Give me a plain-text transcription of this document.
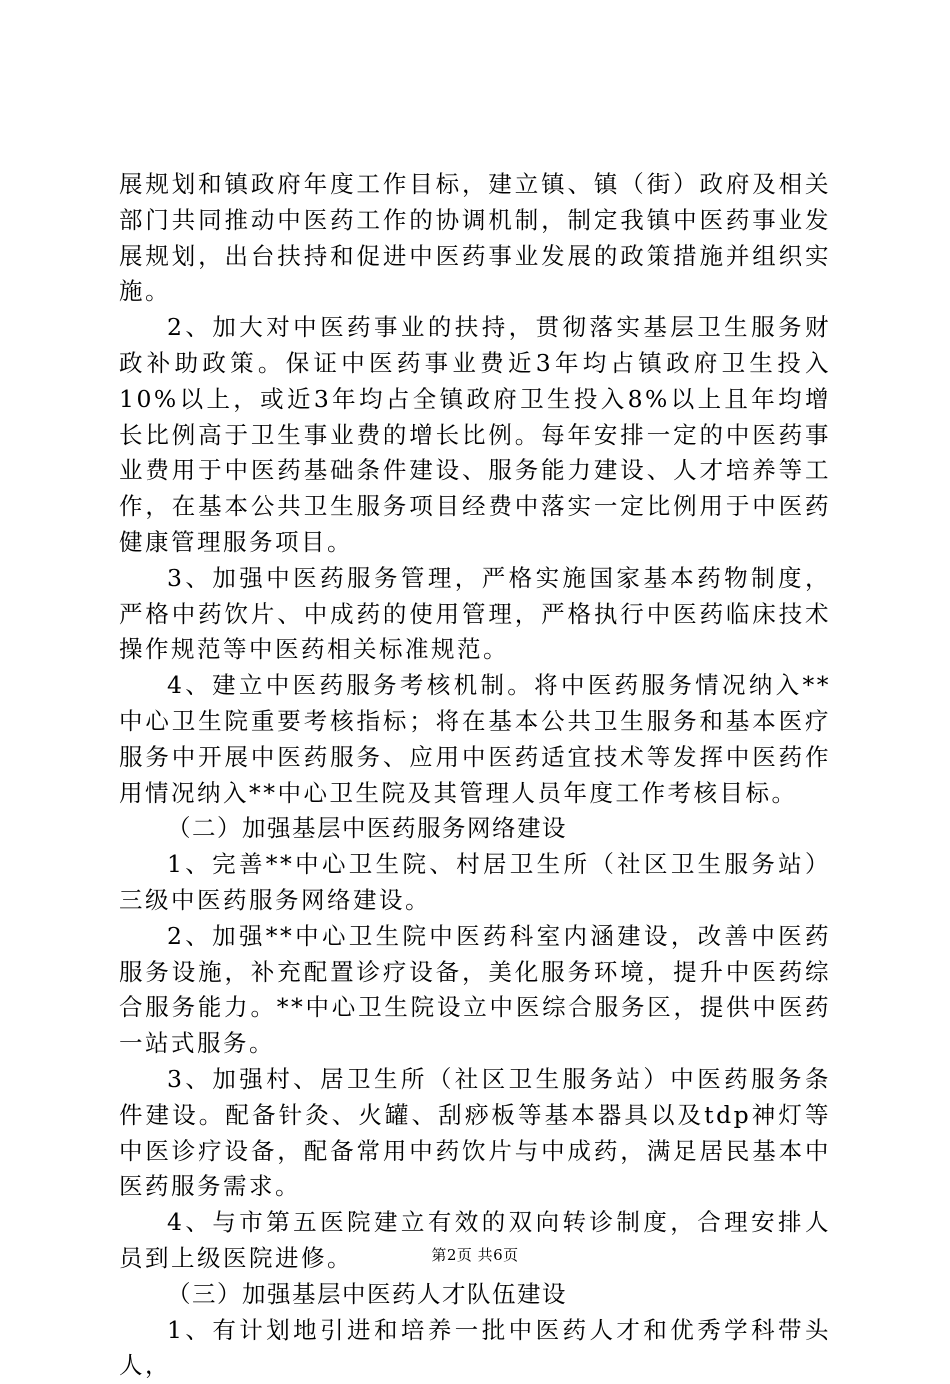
展规划和镇政府年度工作目标，建立镇、镇（街）政府及相关部门共同推动中医药工作的协调机制，制定我镇中医药事业发展规划，出台扶持和促进中医药事业发展的政策措施并组织实施。

2、加大对中医药事业的扶持，贯彻落实基层卫生服务财政补助政策。保证中医药事业费近3年均占镇政府卫生投入10%以上，或近3年均占全镇政府卫生投入8%以上且年均增长比例高于卫生事业费的增长比例。每年安排一定的中医药事业费用于中医药基础条件建设、服务能力建设、人才培养等工作，在基本公共卫生服务项目经费中落实一定比例用于中医药健康管理服务项目。

3、加强中医药服务管理，严格实施国家基本药物制度，严格中药饮片、中成药的使用管理，严格执行中医药临床技术操作规范等中医药相关标准规范。

4、建立中医药服务考核机制。将中医药服务情况纳入**中心卫生院重要考核指标；将在基本公共卫生服务和基本医疗服务中开展中医药服务、应用中医药适宜技术等发挥中医药作用情况纳入**中心卫生院及其管理人员年度工作考核目标。

（二）加强基层中医药服务网络建设

1、完善**中心卫生院、村居卫生所（社区卫生服务站）三级中医药服务网络建设。

2、加强**中心卫生院中医药科室内涵建设，改善中医药服务设施，补充配置诊疗设备，美化服务环境，提升中医药综合服务能力。**中心卫生院设立中医综合服务区，提供中医药一站式服务。

3、加强村、居卫生所（社区卫生服务站）中医药服务条件建设。配备针灸、火罐、刮痧板等基本器具以及tdp神灯等中医诊疗设备，配备常用中药饮片与中成药，满足居民基本中医药服务需求。

4、与市第五医院建立有效的双向转诊制度，合理安排人员到上级医院进修。

（三）加强基层中医药人才队伍建设

1、有计划地引进和培养一批中医药人才和优秀学科带头人，

第2页 共6页
